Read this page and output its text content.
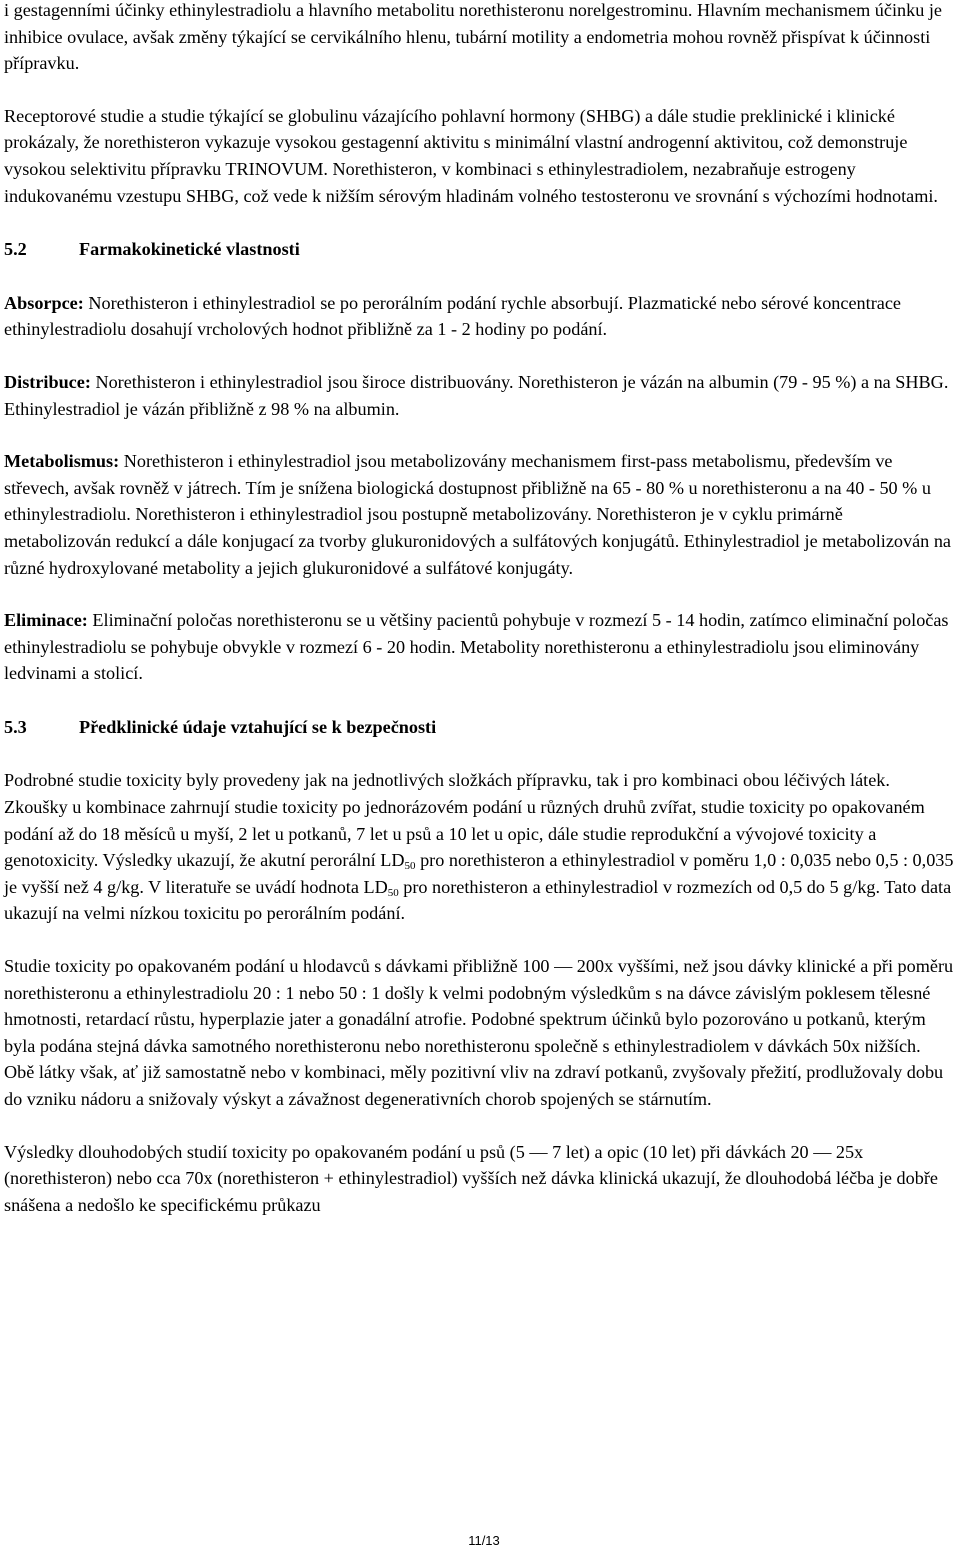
i gestagenními účinky ethinylestradiolu a hlavního metabolitu norethisteronu norelgestrominu. Hlavním mechanismem účinku je inhibice ovulace, avšak změny týkající se cervikálního hlenu, tubární motility a endometria mohou rovněž přispívat k účinnosti přípravku.

Receptorové studie a studie týkající se globulinu vázajícího pohlavní hormony (SHBG) a dále studie preklinické i klinické prokázaly, že norethisteron vykazuje vysokou gestagenní aktivitu s minimální vlastní androgenní aktivitou, což demonstruje vysokou selektivitu přípravku TRINOVUM. Norethisteron, v kombinaci s ethinylestradiolem, nezabraňuje estrogeny indukovanému vzestupu SHBG, což vede k nižším sérovým hladinám volného testosteronu ve srovnání s výchozími hodnotami.

5.2	Farmakokinetické vlastnosti

Absorpce: Norethisteron i ethinylestradiol se po perorálním podání rychle absorbují. Plazmatické nebo sérové koncentrace ethinylestradiolu dosahují vrcholových hodnot přibližně za 1 - 2 hodiny po podání.

Distribuce: Norethisteron i ethinylestradiol jsou široce distribuovány. Norethisteron je vázán na albumin (79 - 95 %) a na SHBG. Ethinylestradiol je vázán přibližně z 98 % na albumin.

Metabolismus: Norethisteron i ethinylestradiol jsou metabolizovány mechanismem first-pass metabolismu, především ve střevech, avšak rovněž v játrech. Tím je snížena biologická dostupnost přibližně na 65 - 80 % u norethisteronu a na 40 - 50 % u ethinylestradiolu. Norethisteron i ethinylestradiol jsou postupně metabolizovány. Norethisteron je v cyklu primárně metabolizován redukcí a dále konjugací za tvorby glukuronidových a sulfátových konjugátů. Ethinylestradiol je metabolizován na různé hydroxylované metabolity a jejich glukuronidové a sulfátové konjugáty.

Eliminace: Eliminační poločas norethisteronu se u většiny pacientů pohybuje v rozmezí 5 - 14 hodin, zatímco eliminační poločas ethinylestradiolu se pohybuje obvykle v rozmezí 6 - 20 hodin. Metabolity norethisteronu a ethinylestradiolu jsou eliminovány ledvinami a stolicí.

5.3	Předklinické údaje vztahující se k bezpečnosti

Podrobné studie toxicity byly provedeny jak na jednotlivých složkách přípravku, tak i pro kombinaci obou léčivých látek. Zkoušky u kombinace zahrnují studie toxicity po jednorázovém podání u různých druhů zvířat, studie toxicity po opakovaném podání až do 18 měsíců u myší, 2 let u potkanů, 7 let u psů a 10 let u opic, dále studie reprodukční a vývojové toxicity a genotoxicity. Výsledky ukazují, že akutní perorální $LD_{50}$ pro norethisteron a ethinylestradiol v poměru 1,0 : 0,035 nebo 0,5 : 0,035 je vyšší než 4 g/kg. V literatuře se uvádí hodnota $LD_{50}$ pro norethisteron a ethinylestradiol v rozmezích od 0,5 do 5 g/kg. Tato data ukazují na velmi nízkou toxicitu po perorálním podání.

Studie toxicity po opakovaném podání u hlodavců s dávkami přibližně 100 — 200x vyššími, než jsou dávky klinické a při poměru norethisteronu a ethinylestradiolu 20 : 1 nebo 50 : 1 došly k velmi podobným výsledkům s na dávce závislým poklesem tělesné hmotnosti, retardací růstu, hyperplazie jater a gonadální atrofie. Podobné spektrum účinků bylo pozorováno u potkanů, kterým byla podána stejná dávka samotného norethisteronu nebo norethisteronu společně s ethinylestradiolem v dávkách 50x nižších. Obě látky však, ať již samostatně nebo v kombinaci, měly pozitivní vliv na zdraví potkanů, zvyšovaly přežití, prodlužovaly dobu do vzniku nádoru a snižovaly výskyt a závažnost degenerativních chorob spojených se stárnutím.

Výsledky dlouhodobých studií toxicity po opakovaném podání u psů (5 — 7 let) a opic (10 let) při dávkách 20 — 25x (norethisteron) nebo cca 70x (norethisteron + ethinylestradiol) vyšších než dávka klinická ukazují, že dlouhodobá léčba je dobře snášena a nedošlo ke specifickému průkazu

11/13
